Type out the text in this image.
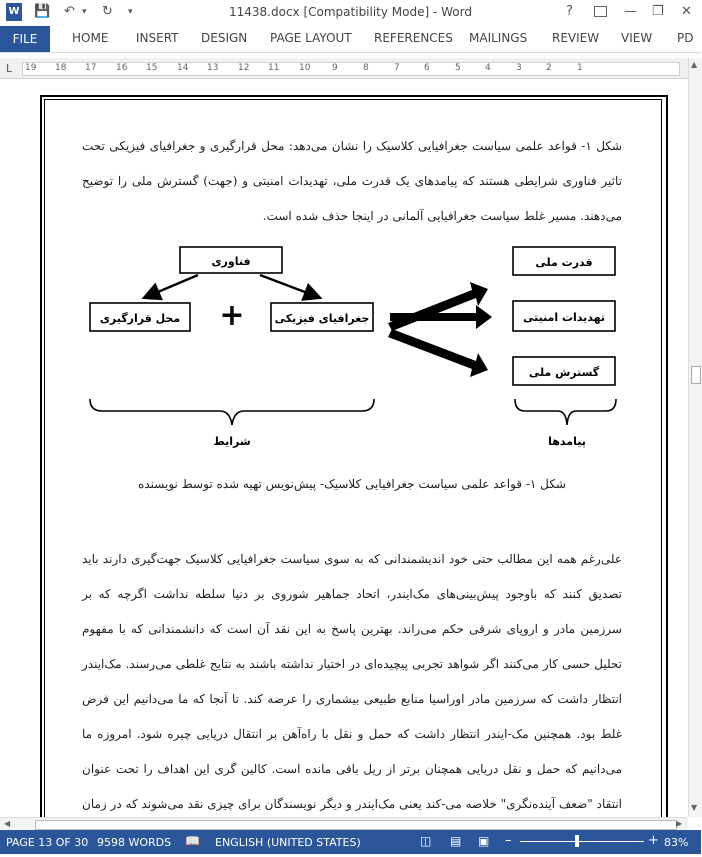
W 💾 ↶ ▾ ↻ ▾	11438.docx [Compatibility Mode] - Word	?	— ❐ ✕
FILE	HOME INSERT DESIGN PAGE LAYOUT REFERENCES MAILINGS REVIEW VIEW PD
L 19 18 17 16 15 14 13 12 11 10 9	8	7	6	5	4	3	2	1
شکل ۱- قواعد علمی سیاست جغرافیایی کلاسیک را نشان می‌دهد: محل قرارگیری و جغرافیای فیزیکی تحت تاثیر فناوری شرایطی هستند که پیامدهای یک قدرت ملی، تهدیدات امنیتی و (جهت) گسترش ملی را توضیح می‌دهند. مسیر غلط سیاست جغرافیایی آلمانی در اینجا حذف شده است.
فناوری
محل قرارگیری	جغرافیای فیزیکی
+
قدرت ملی
تهدیدات امنیتی
گسترش ملی
شرایط	پیامدها
شکل ۱- قواعد علمی سیاست جغرافیایی کلاسیک- پیش‌نویس تهیه شده توسط نویسنده
علی‌رغم همه این مطالب حتی خود اندیشمندانی که به سوی سیاست جغرافیایی کلاسیک جهت‌گیری دارند باید تصدیق کنند که باوجود پیش‌بینی‌های مک‌ایندر، اتحاد جماهیر شوروی بر دنیا سلطه نداشت اگرچه که بر سرزمین مادر و اروپای شرقی حکم می‌راند. بهترین پاسخ به این نقد آن است که دانشمندانی که با مفهوم تحلیل حسی کار می‌کنند اگر شواهد تجربی پیچیده‌ای در اختیار نداشته باشند به نتایج غلطی می‌رسند. مک‌ایندر انتظار داشت که سرزمین مادر اوراسیا منابع طبیعی بیشماری را عرضه کند. تا آنجا که ما می‌دانیم این فرض غلط بود. همچنین مک-ایندر انتظار داشت که حمل و نقل با راه‌آهن بر انتقال دریایی چیره شود. امروزه ما می‌دانیم که حمل و نقل دریایی همچنان برتر از ریل باقی مانده است. کالین گری این اهداف را تحت عنوان انتقاد "ضعف آینده‌نگری" خلاصه می-کند یعنی مک‌ایندر و دیگر نویسندگان برای چیزی نقد می‌شوند که در زمان
▲
▼
◀	▶
PAGE 13 OF 30 9598 WORDS 📖 ENGLISH (UNITED STATES)	◫ ▤ ▣ –	+ 83%
